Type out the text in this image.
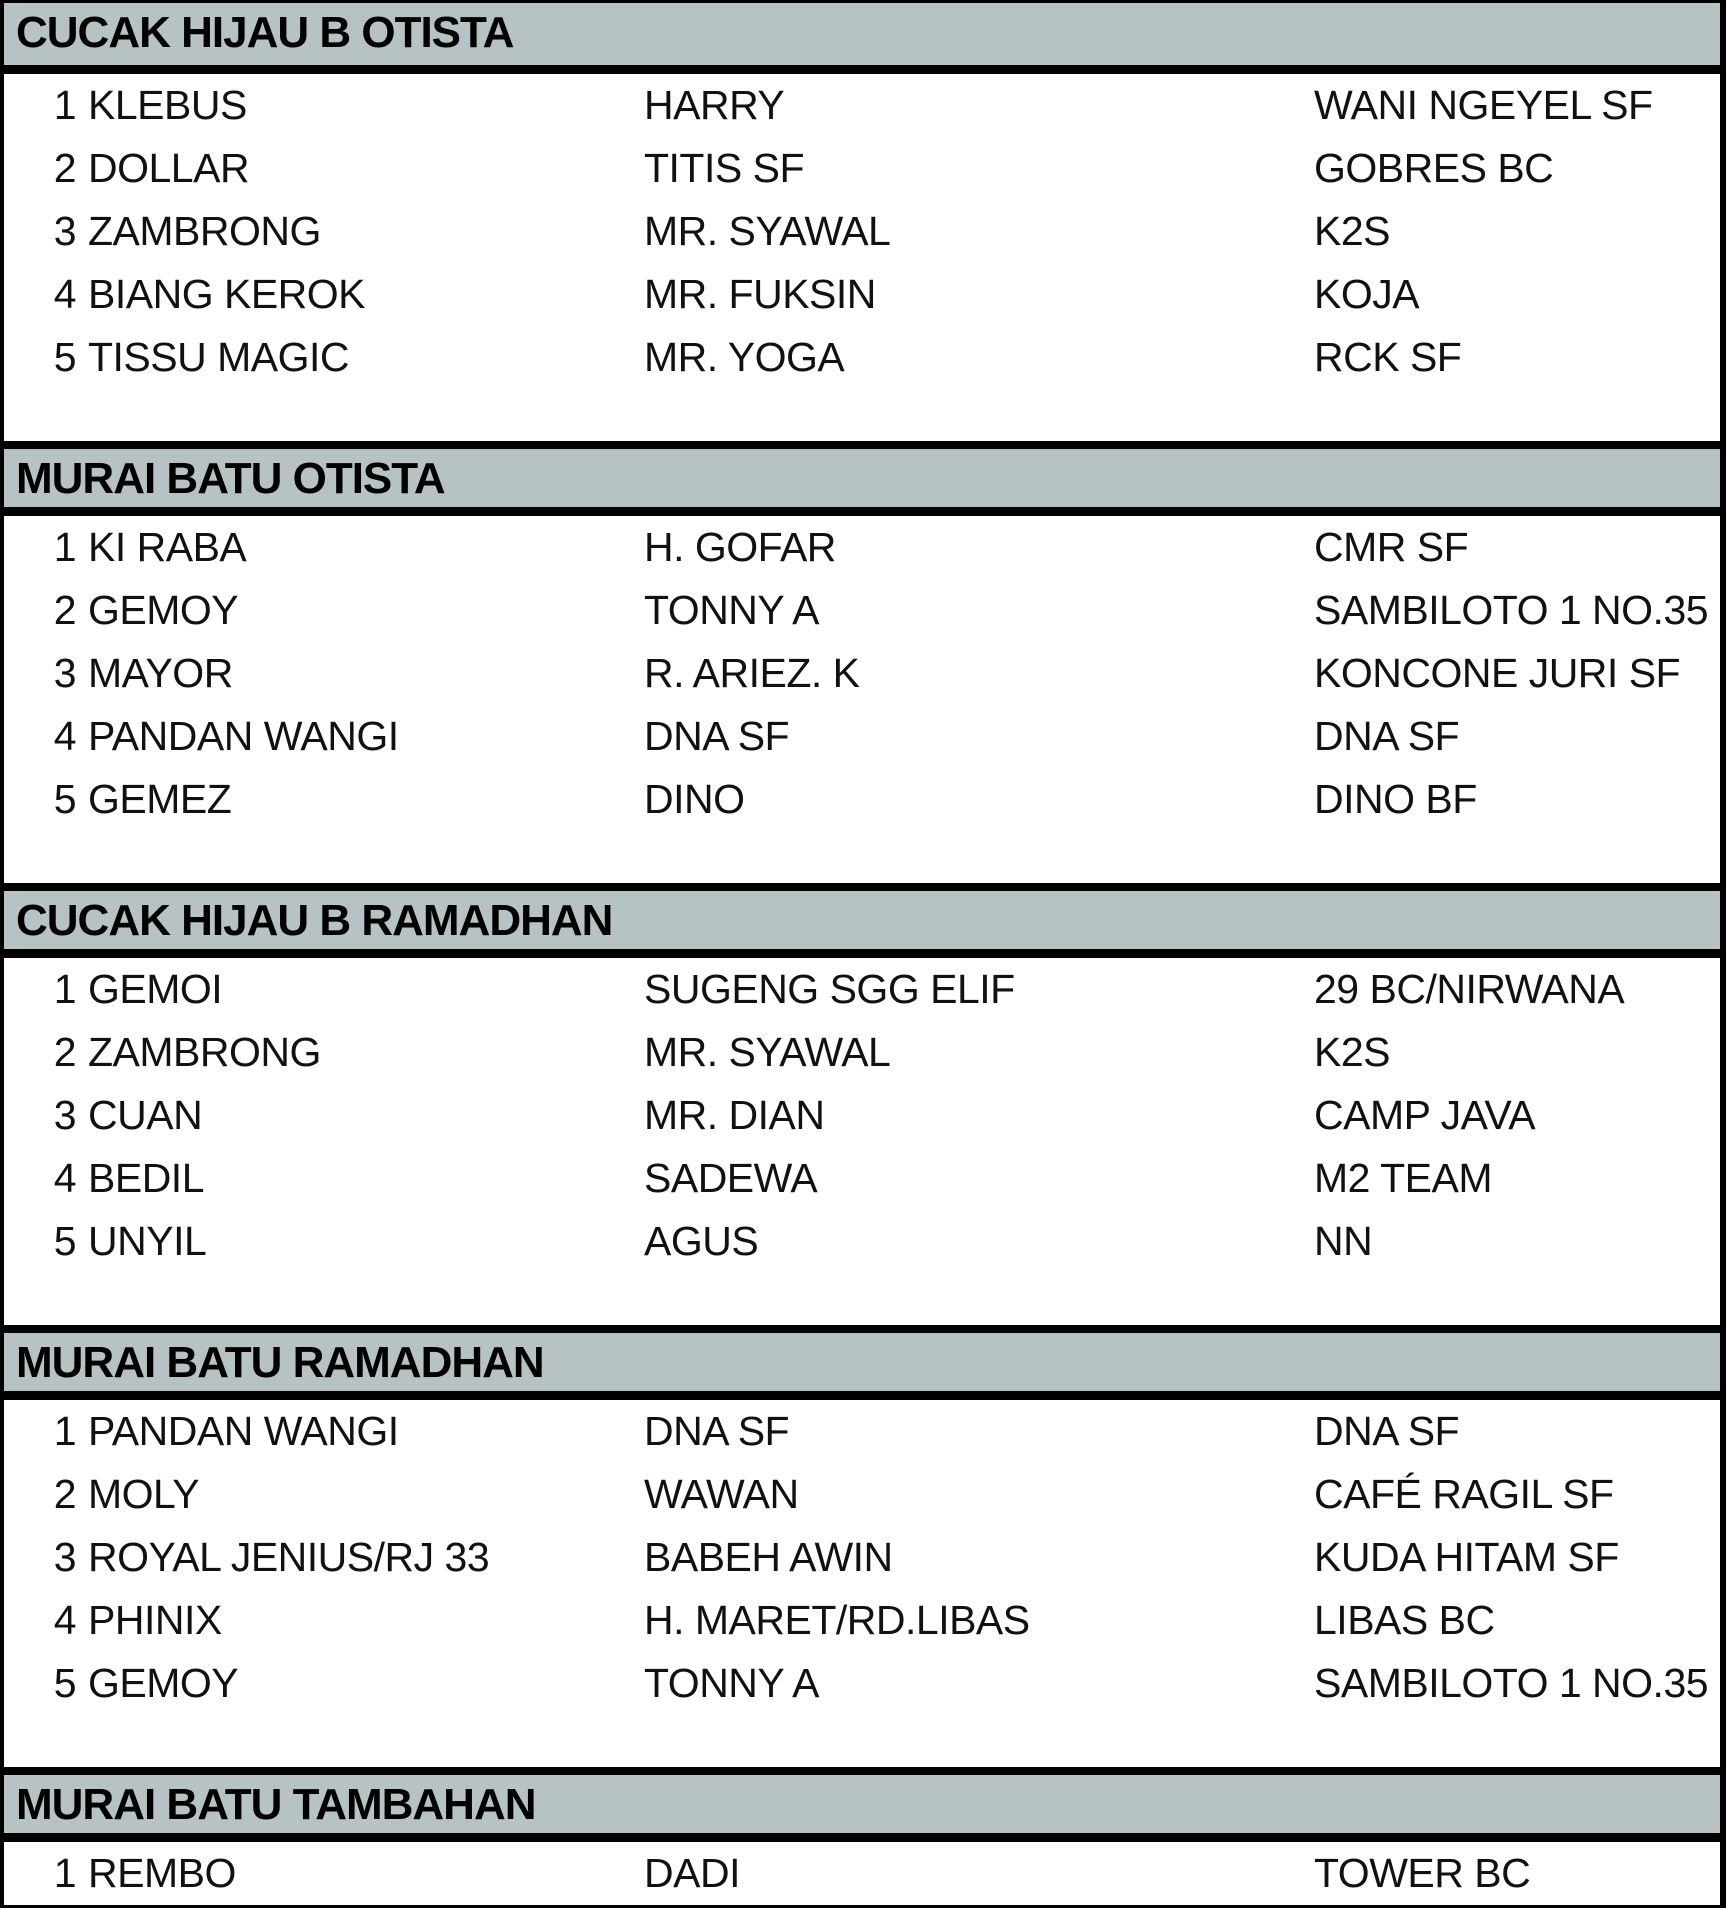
CUCAK HIJAU B OTISTA
1 KLEBUS	HARRY	WANI NGEYEL SF
2 DOLLAR	TITIS SF	GOBRES BC
3 ZAMBRONG	MR. SYAWAL	K2S
4 BIANG KEROK	MR. FUKSIN	KOJA
5 TISSU MAGIC	MR. YOGA	RCK SF
MURAI BATU OTISTA
1 KI RABA	H. GOFAR	CMR SF
2 GEMOY	TONNY A	SAMBILOTO 1 NO.35
3 MAYOR	R. ARIEZ. K	KONCONE JURI SF
4 PANDAN WANGI	DNA SF	DNA SF
5 GEMEZ	DINO	DINO BF
CUCAK HIJAU B RAMADHAN
1 GEMOI	SUGENG SGG ELIF	29 BC/NIRWANA
2 ZAMBRONG	MR. SYAWAL	K2S
3 CUAN	MR. DIAN	CAMP JAVA
4 BEDIL	SADEWA	M2 TEAM
5 UNYIL	AGUS	NN
MURAI BATU RAMADHAN
1 PANDAN WANGI	DNA SF	DNA SF
2 MOLY	WAWAN	CAFÉ RAGIL SF
3 ROYAL JENIUS/RJ 33	BABEH AWIN	KUDA HITAM SF
4 PHINIX	H. MARET/RD.LIBAS	LIBAS BC
5 GEMOY	TONNY A	SAMBILOTO 1 NO.35
MURAI BATU TAMBAHAN
1 REMBO	DADI	TOWER BC
